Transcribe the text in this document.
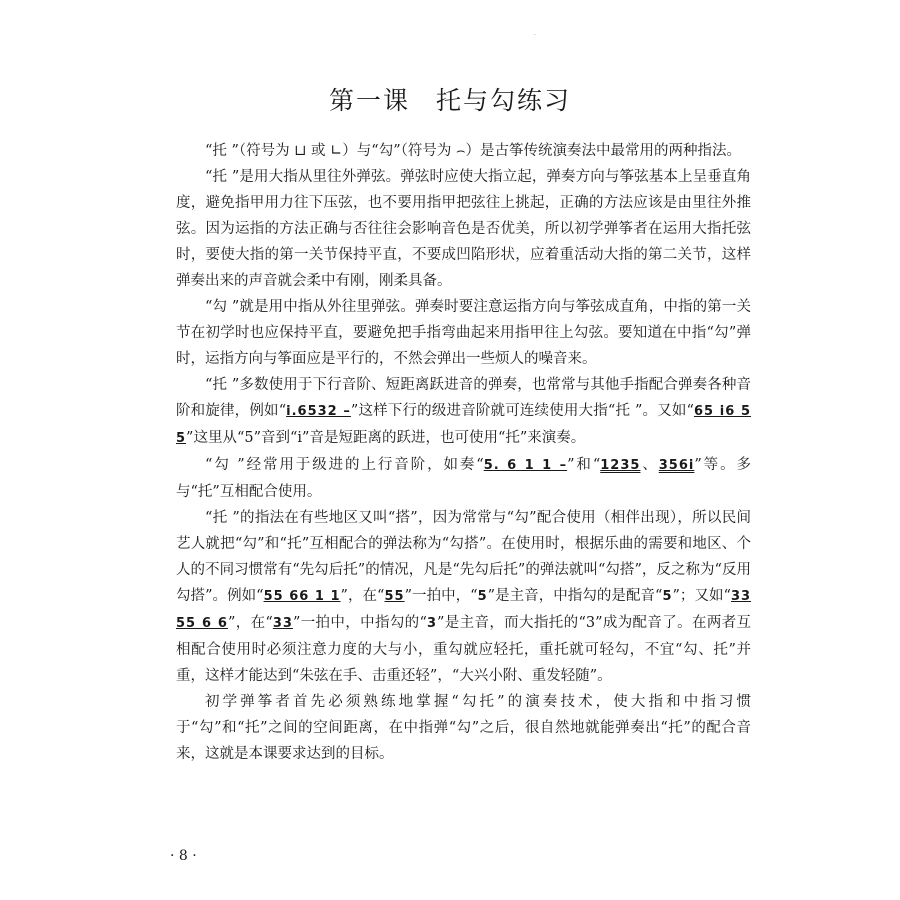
.
第一课 托与勾练习

“托 ”（符号为 ⊔ 或 ∟）与“勾”（符号为 ⌢）是古筝传统演奏法中最常用的两种指法。

“托 ”是用大指从里往外弹弦。弹弦时应使大指立起，弹奏方向与筝弦基本上呈垂直角度，避免指甲用力往下压弦，也不要用指甲把弦往上挑起，正确的方法应该是由里往外推弦。因为运指的方法正确与否往往会影响音色是否优美，所以初学弹筝者在运用大指托弦时，要使大指的第一关节保持平直，不要成凹陷形状，应着重活动大指的第二关节，这样弹奏出来的声音就会柔中有刚，刚柔具备。

“勾 ”就是用中指从外往里弹弦。弹奏时要注意运指方向与筝弦成直角，中指的第一关节在初学时也应保持平直，要避免把手指弯曲起来用指甲往上勾弦。要知道在中指“勾”弹时，运指方向与筝面应是平行的，不然会弹出一些烦人的噪音来。

“托 ”多数使用于下行音阶、短距离跃进音的弹奏，也常常与其他手指配合弹奏各种音阶和旋律，例如“i.6532 –”这样下行的级进音阶就可连续使用大指“托 ”。又如“65 i6 5 5”这里从“5”音到“i”音是短距离的跃进，也可使用“托”来演奏。

“勾 ”经常用于级进的上行音阶，如奏“5. 6 1 1 –”和“1235、356i”等。多与“托”互相配合使用。

“托 ”的指法在有些地区又叫“搭”，因为常常与“勾”配合使用（相伴出现），所以民间艺人就把“勾”和“托”互相配合的弹法称为“勾搭”。在使用时，根据乐曲的需要和地区、个人的不同习惯常有“先勾后托”的情况，凡是“先勾后托”的弹法就叫“勾搭”，反之称为“反用勾搭”。例如“55 66 1 1”，在“55”一拍中，“5”是主音，中指勾的是配音“5”；又如“33 55 6 6”，在“33”一拍中，中指勾的“3”是主音，而大指托的“3”成为配音了。在两者互相配合使用时必须注意力度的大与小，重勾就应轻托，重托就可轻勾，不宜“勾、托”并重，这样才能达到“朱弦在手、击重还轻”，“大兴小附、重发轻随”。

初学弹筝者首先必须熟练地掌握“勾托”的演奏技术，使大指和中指习惯于“勾”和“托”之间的空间距离，在中指弹“勾”之后，很自然地就能弹奏出“托”的配合音来，这就是本课要求达到的目标。

· 8 ·
